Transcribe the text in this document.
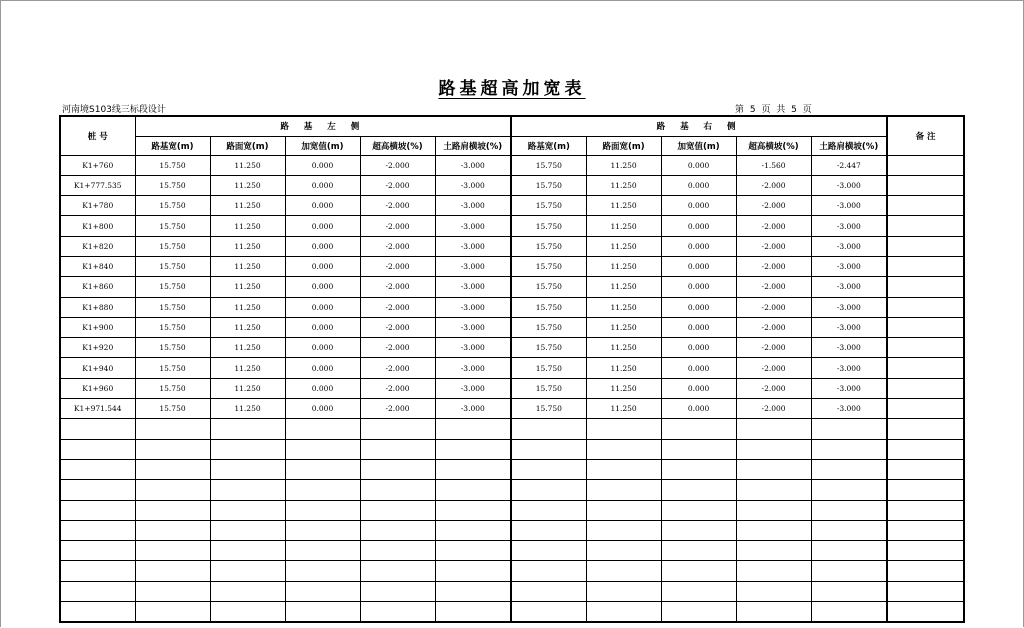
路基超高加宽表
河南境S103线三标段设计	第 5 页 共 5 页
桩 号	路 基 左 侧					路 基 右 侧					备 注
	路基宽(m)	路面宽(m)	加宽值(m)	超高横坡(%)	土路肩横坡(%)	路基宽(m)	路面宽(m)	加宽值(m)	超高横坡(%)	土路肩横坡(%)	
K1+760	15.750	11.250	0.000	-2.000	-3.000	15.750	11.250	0.000	-1.560	-2.447	
K1+777.535	15.750	11.250	0.000	-2.000	-3.000	15.750	11.250	0.000	-2.000	-3.000	
K1+780	15.750	11.250	0.000	-2.000	-3.000	15.750	11.250	0.000	-2.000	-3.000	
K1+800	15.750	11.250	0.000	-2.000	-3.000	15.750	11.250	0.000	-2.000	-3.000	
K1+820	15.750	11.250	0.000	-2.000	-3.000	15.750	11.250	0.000	-2.000	-3.000	
K1+840	15.750	11.250	0.000	-2.000	-3.000	15.750	11.250	0.000	-2.000	-3.000	
K1+860	15.750	11.250	0.000	-2.000	-3.000	15.750	11.250	0.000	-2.000	-3.000	
K1+880	15.750	11.250	0.000	-2.000	-3.000	15.750	11.250	0.000	-2.000	-3.000	
K1+900	15.750	11.250	0.000	-2.000	-3.000	15.750	11.250	0.000	-2.000	-3.000	
K1+920	15.750	11.250	0.000	-2.000	-3.000	15.750	11.250	0.000	-2.000	-3.000	
K1+940	15.750	11.250	0.000	-2.000	-3.000	15.750	11.250	0.000	-2.000	-3.000	
K1+960	15.750	11.250	0.000	-2.000	-3.000	15.750	11.250	0.000	-2.000	-3.000	
K1+971.544	15.750	11.250	0.000	-2.000	-3.000	15.750	11.250	0.000	-2.000	-3.000	
